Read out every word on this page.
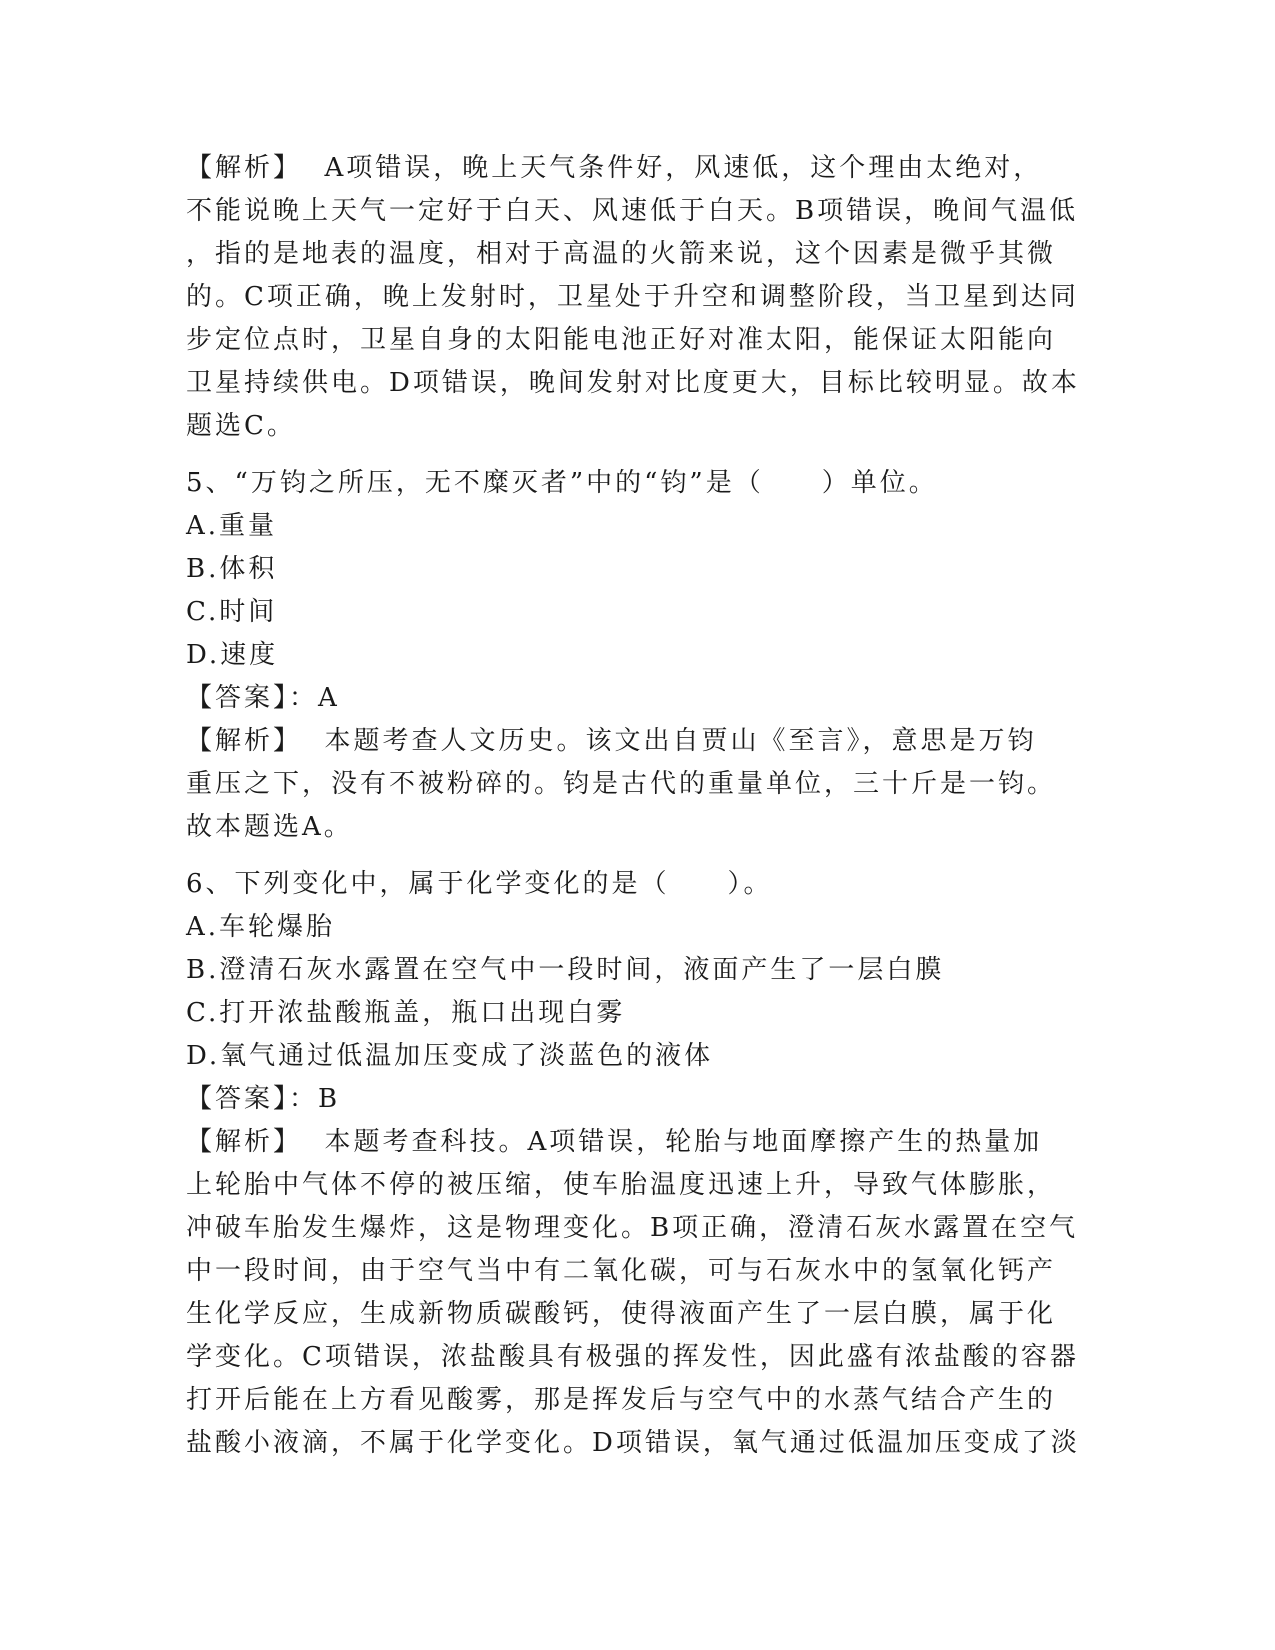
【解析】  A项错误，晚上天气条件好，风速低，这个理由太绝对，
不能说晚上天气一定好于白天、风速低于白天。B项错误，晚间气温低
，指的是地表的温度，相对于高温的火箭来说，这个因素是微乎其微
的。C项正确，晚上发射时，卫星处于升空和调整阶段，当卫星到达同
步定位点时，卫星自身的太阳能电池正好对准太阳，能保证太阳能向
卫星持续供电。D项错误，晚间发射对比度更大，目标比较明显。故本
题选C。
5、“万钧之所压，无不糜灭者”中的“钧”是（　　）单位。
A.重量
B.体积
C.时间
D.速度
【答案】：A
【解析】  本题考查人文历史。该文出自贾山《至言》，意思是万钧
重压之下，没有不被粉碎的。钧是古代的重量单位，三十斤是一钧。
故本题选A。
6、下列变化中，属于化学变化的是（　　）。
A.车轮爆胎
B.澄清石灰水露置在空气中一段时间，液面产生了一层白膜
C.打开浓盐酸瓶盖，瓶口出现白雾
D.氧气通过低温加压变成了淡蓝色的液体
【答案】：B
【解析】  本题考查科技。A项错误，轮胎与地面摩擦产生的热量加
上轮胎中气体不停的被压缩，使车胎温度迅速上升，导致气体膨胀，
冲破车胎发生爆炸，这是物理变化。B项正确，澄清石灰水露置在空气
中一段时间，由于空气当中有二氧化碳，可与石灰水中的氢氧化钙产
生化学反应，生成新物质碳酸钙，使得液面产生了一层白膜，属于化
学变化。C项错误，浓盐酸具有极强的挥发性，因此盛有浓盐酸的容器
打开后能在上方看见酸雾，那是挥发后与空气中的水蒸气结合产生的
盐酸小液滴，不属于化学变化。D项错误，氧气通过低温加压变成了淡
